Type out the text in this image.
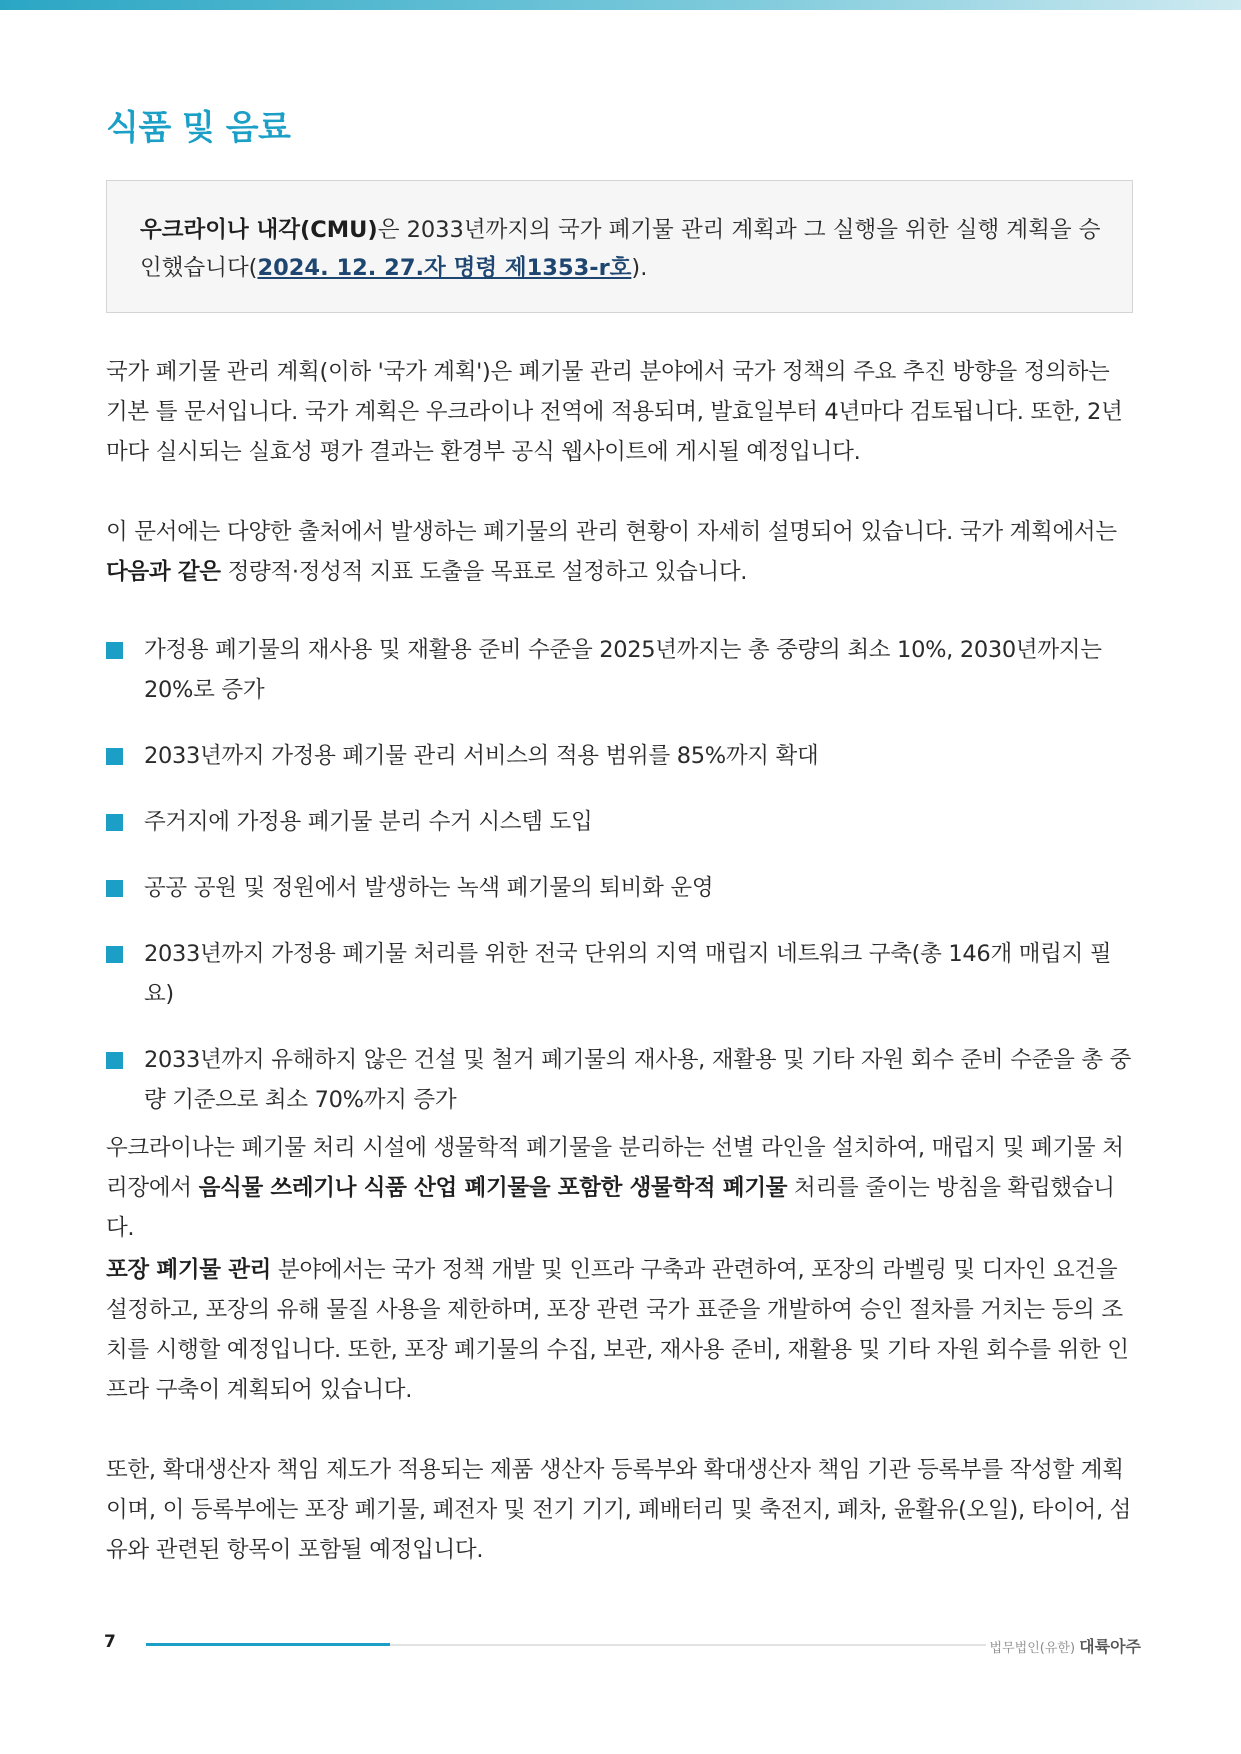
식품 및 음료
우크라이나 내각(CMU)은 2033년까지의 국가 폐기물 관리 계획과 그 실행을 위한 실행 계획을 승인했습니다(2024. 12. 27.자 명령 제1353-r호).

국가 폐기물 관리 계획(이하 '국가 계획')은 폐기물 관리 분야에서 국가 정책의 주요 추진 방향을 정의하는 기본 틀 문서입니다. 국가 계획은 우크라이나 전역에 적용되며, 발효일부터 4년마다 검토됩니다. 또한, 2년마다 실시되는 실효성 평가 결과는 환경부 공식 웹사이트에 게시될 예정입니다.

이 문서에는 다양한 출처에서 발생하는 폐기물의 관리 현황이 자세히 설명되어 있습니다. 국가 계획에서는 다음과 같은 정량적·정성적 지표 도출을 목표로 설정하고 있습니다.

가정용 폐기물의 재사용 및 재활용 준비 수준을 2025년까지는 총 중량의 최소 10%, 2030년까지는 20%로 증가
2033년까지 가정용 폐기물 관리 서비스의 적용 범위를 85%까지 확대
주거지에 가정용 폐기물 분리 수거 시스템 도입
공공 공원 및 정원에서 발생하는 녹색 폐기물의 퇴비화 운영
2033년까지 가정용 폐기물 처리를 위한 전국 단위의 지역 매립지 네트워크 구축(총 146개 매립지 필요)
2033년까지 유해하지 않은 건설 및 철거 폐기물의 재사용, 재활용 및 기타 자원 회수 준비 수준을 총 중량 기준으로 최소 70%까지 증가

우크라이나는 폐기물 처리 시설에 생물학적 폐기물을 분리하는 선별 라인을 설치하여, 매립지 및 폐기물 처리장에서 음식물 쓰레기나 식품 산업 폐기물을 포함한 생물학적 폐기물 처리를 줄이는 방침을 확립했습니다.

포장 폐기물 관리 분야에서는 국가 정책 개발 및 인프라 구축과 관련하여, 포장의 라벨링 및 디자인 요건을 설정하고, 포장의 유해 물질 사용을 제한하며, 포장 관련 국가 표준을 개발하여 승인 절차를 거치는 등의 조치를 시행할 예정입니다. 또한, 포장 폐기물의 수집, 보관, 재사용 준비, 재활용 및 기타 자원 회수를 위한 인프라 구축이 계획되어 있습니다.

또한, 확대생산자 책임 제도가 적용되는 제품 생산자 등록부와 확대생산자 책임 기관 등록부를 작성할 계획이며, 이 등록부에는 포장 폐기물, 폐전자 및 전기 기기, 폐배터리 및 축전지, 폐차, 윤활유(오일), 타이어, 섬유와 관련된 항목이 포함될 예정입니다.

7	법무법인(유한) 대륙아주
